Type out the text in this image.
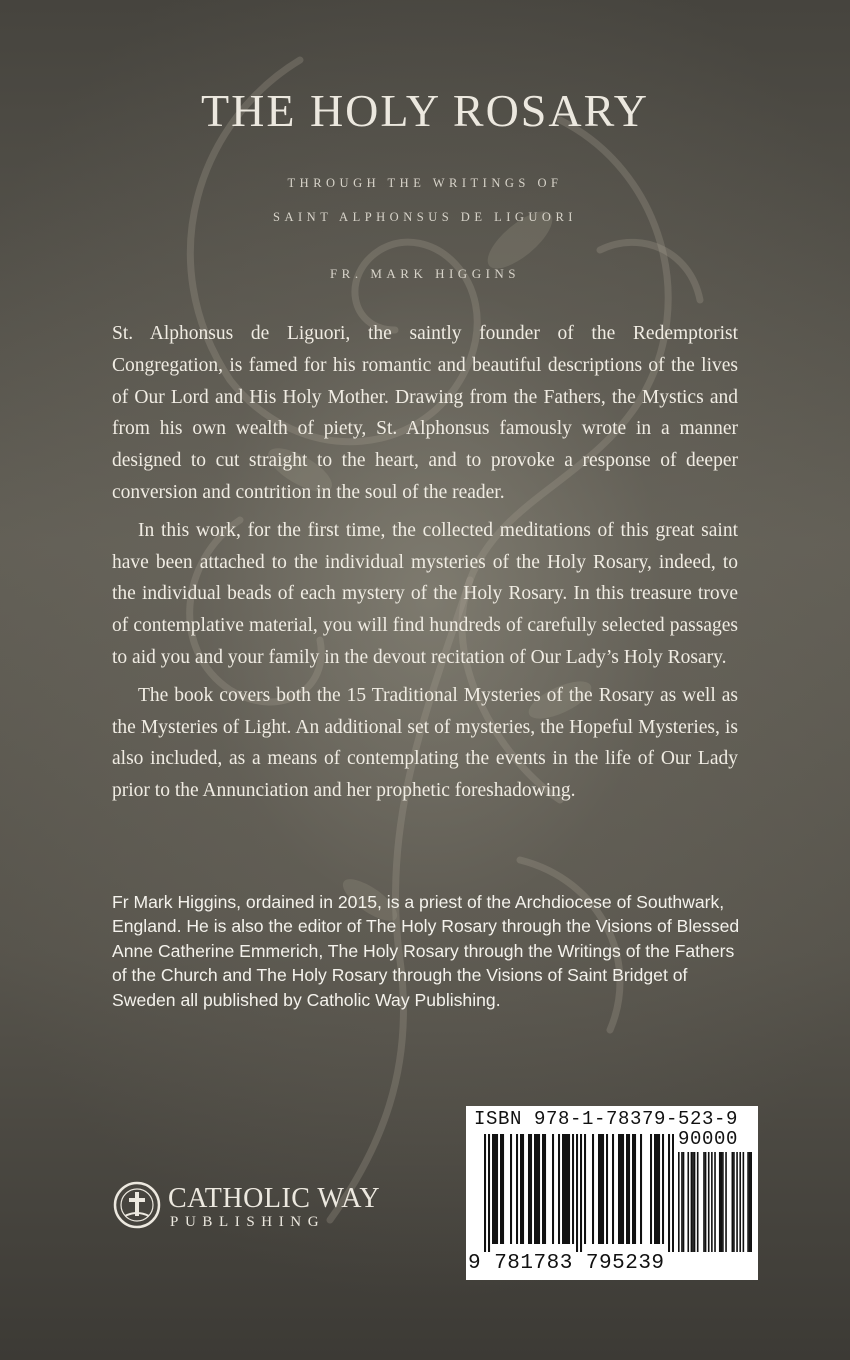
THE HOLY ROSARY

THROUGH THE WRITINGS OF

SAINT ALPHONSUS DE LIGUORI

FR. MARK HIGGINS

St. Alphonsus de Liguori, the saintly founder of the Redemptorist Congregation, is famed for his romantic and beautiful descriptions of the lives of Our Lord and His Holy Mother. Drawing from the Fathers, the Mystics and from his own wealth of piety, St. Alphonsus famously wrote in a manner designed to cut straight to the heart, and to provoke a response of deeper conversion and contrition in the soul of the reader.

In this work, for the first time, the collected meditations of this great saint have been attached to the individual mysteries of the Holy Rosary, indeed, to the individual beads of each mystery of the Holy Rosary. In this treasure trove of contemplative material, you will find hundreds of carefully selected passages to aid you and your family in the devout recitation of Our Lady’s Holy Rosary.

The book covers both the 15 Traditional Mysteries of the Rosary as well as the Mysteries of Light. An additional set of mysteries, the Hopeful Mysteries, is also included, as a means of contemplating the events in the life of Our Lady prior to the Annunciation and her prophetic foreshadowing.

Fr Mark Higgins, ordained in 2015, is a priest of the Archdiocese of Southwark, England. He is also the editor of The Holy Rosary through the Visions of Blessed Anne Catherine Emmerich, The Holy Rosary through the Writings of the Fathers of the Church and The Holy Rosary through the Visions of Saint Bridget of Sweden all published by Catholic Way Publishing.

CATHOLIC WAY
PUBLISHING
ISBN 978-1-78379-523-9
90000
9 781783 795239
